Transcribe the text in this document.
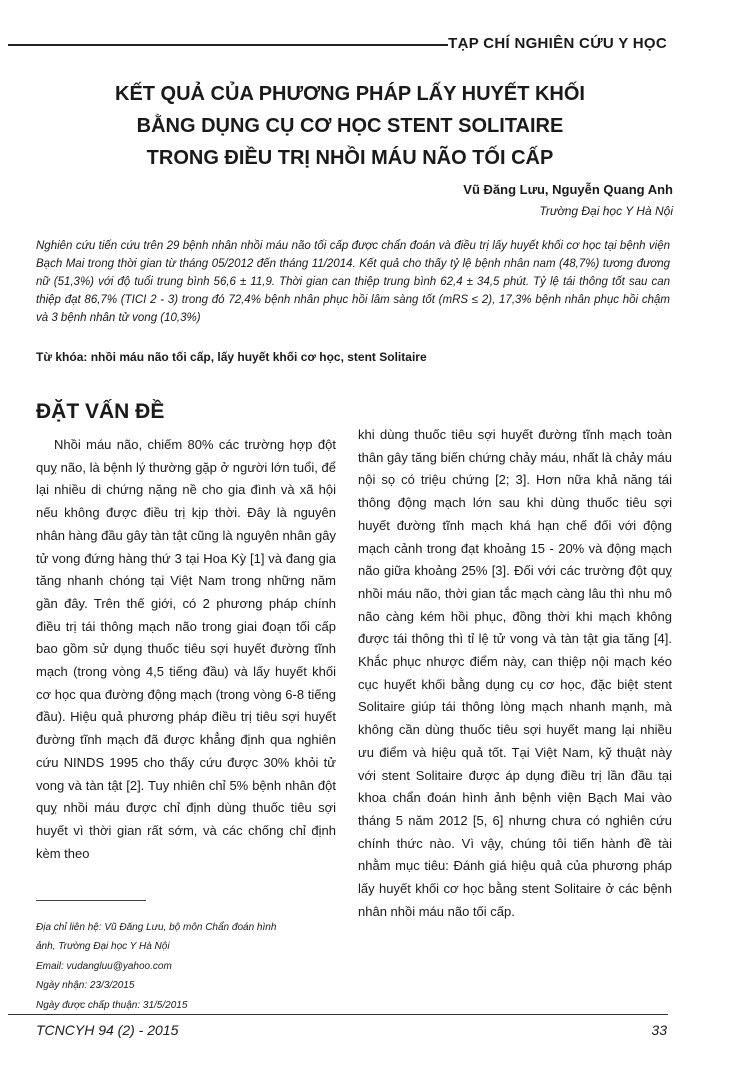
TẠP CHÍ NGHIÊN CỨU Y HỌC
KẾT QUẢ CỦA PHƯƠNG PHÁP LẤY HUYẾT KHỐI
BẰNG DỤNG CỤ CƠ HỌC STENT SOLITAIRE
TRONG ĐIỀU TRỊ NHỒI MÁU NÃO TỐI CẤP
Vũ Đăng Lưu, Nguyễn Quang Anh
Trường Đại học Y Hà Nội
Nghiên cứu tiến cứu trên 29 bệnh nhân nhồi máu não tối cấp được chẩn đoán và điều trị lấy huyết khối cơ học tại bệnh viện Bạch Mai trong thời gian từ tháng 05/2012 đến tháng 11/2014. Kết quả cho thấy tỷ lệ bệnh nhân nam (48,7%) tương đương nữ (51,3%) với độ tuổi trung bình 56,6 ± 11,9. Thời gian can thiệp trung bình 62,4 ± 34,5 phút. Tỷ lệ tái thông tốt sau can thiệp đạt 86,7% (TICI 2 - 3) trong đó 72,4% bệnh nhân phục hồi lâm sàng tốt (mRS ≤ 2), 17,3% bệnh nhân phục hồi chậm và 3 bệnh nhân tử vong (10,3%)
Từ khóa: nhồi máu não tối cấp, lấy huyết khối cơ học, stent Solitaire
ĐẶT VẤN ĐỀ

Nhồi máu não, chiếm 80% các trường hợp đột quỵ não, là bệnh lý thường gặp ở người lớn tuổi, để lại nhiều di chứng nặng nề cho gia đình và xã hội nếu không được điều trị kịp thời. Đây là nguyên nhân hàng đầu gây tàn tật cũng là nguyên nhân gây tử vong đứng hàng thứ 3 tại Hoa Kỳ [1] và đang gia tăng nhanh chóng tại Việt Nam trong những năm gần đây. Trên thế giới, có 2 phương pháp chính điều trị tái thông mạch não trong giai đoạn tối cấp bao gồm sử dụng thuốc tiêu sợi huyết đường tĩnh mạch (trong vòng 4,5 tiếng đầu) và lấy huyết khối cơ học qua đường động mạch (trong vòng 6-8 tiếng đầu). Hiệu quả phương pháp điều trị tiêu sợi huyết đường tĩnh mạch đã được khẳng định qua nghiên cứu NINDS 1995 cho thấy cứu được 30% khỏi tử vong và tàn tật [2]. Tuy nhiên chỉ 5% bệnh nhân đột quỵ nhồi máu được chỉ định dùng thuốc tiêu sợi huyết vì thời gian rất sớm, và các chống chỉ định kèm theo

khi dùng thuốc tiêu sợi huyết đường tĩnh mạch toàn thân gây tăng biến chứng chảy máu, nhất là chảy máu nội sọ có triệu chứng [2; 3]. Hơn nữa khả năng tái thông động mạch lớn sau khi dùng thuốc tiêu sợi huyết đường tĩnh mạch khá hạn chế đối với động mạch cảnh trong đạt khoảng 15 - 20% và động mạch não giữa khoảng 25% [3]. Đối với các trường đột quỵ nhồi máu não, thời gian tắc mạch càng lâu thì nhu mô não càng kém hồi phục, đồng thời khi mạch không được tái thông thì tỉ lệ tử vong và tàn tật gia tăng [4]. Khắc phục nhược điểm này, can thiệp nội mạch kéo cục huyết khối bằng dụng cụ cơ học, đặc biệt stent Solitaire giúp tái thông lòng mạch nhanh mạnh, mà không cần dùng thuốc tiêu sợi huyết mang lại nhiều ưu điểm và hiệu quả tốt. Tại Việt Nam, kỹ thuật này với stent Solitaire được áp dụng điều trị lần đầu tại khoa chẩn đoán hình ảnh bệnh viện Bạch Mai vào tháng 5 năm 2012 [5, 6] nhưng chưa có nghiên cứu chính thức nào. Vì vậy, chúng tôi tiến hành đề tài nhằm mục tiêu: Đánh giá hiệu quả của phương pháp lấy huyết khối cơ học bằng stent Solitaire ở các bệnh nhân nhồi máu não tối cấp.

Địa chỉ liên hệ: Vũ Đăng Lưu, bộ môn Chẩn đoán hình
ảnh, Trường Đại học Y Hà Nội
Email: vudangluu@yahoo.com
Ngày nhận: 23/3/2015
Ngày được chấp thuận: 31/5/2015
TCNCYH 94 (2) - 2015	33
